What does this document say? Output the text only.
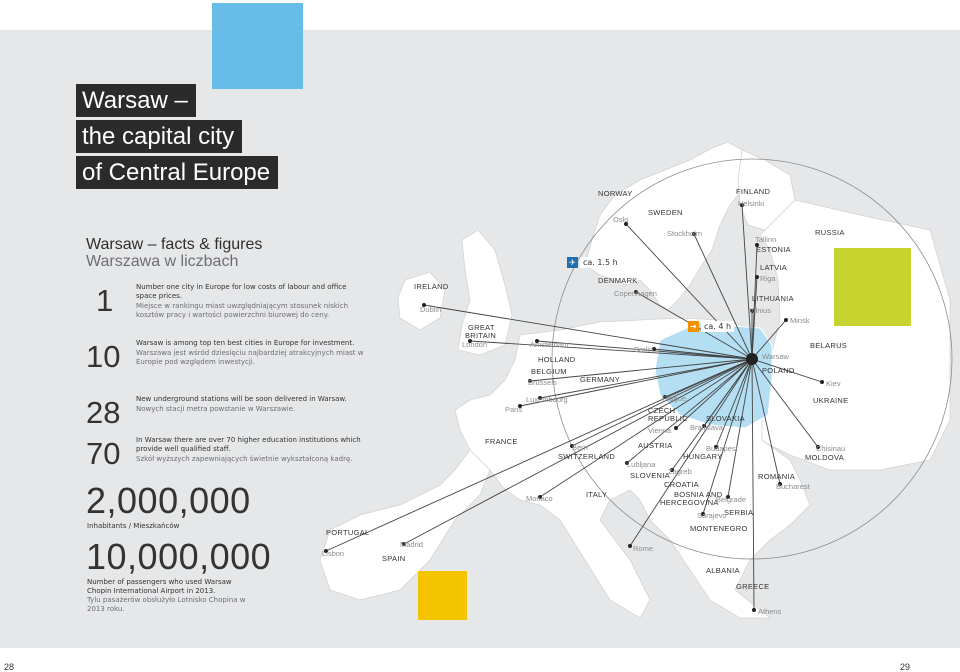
NORWAY
SWEDEN
FINLAND
ESTONIA
LATVIA
LITHUANIA
RUSSIA
BELARUS
UKRAINE
MOLDOVA
POLAND
DENMARK
IRELAND
GREAT
BRITAIN
HOLLAND
BELGIUM
GERMANY
FRANCE
CZECH
REPUBLIC SLOVAKIA
AUSTRIA
HUNGARY
SWITZERLAND
SLOVENIA
CROATIA
ROMANIA
BOSNIA AND
HERCEGOVINA
SERBIA
MONTENEGRO
ITALY
ALBANIA
GREECE
PORTUGAL
SPAIN
Oslo
Stockholm
Helsinki
Tallinn
Riga
Vilnius
Minsk
Kiev
Chisinau
Bucharest
Copenhagen
Dublin
London	Amsterdam
Brussels
Luxembourg
Paris
Berlin
Prague
Vienna	Bratislava
Budapest
Bern
Lubljana
Zagreb
Belgrade
Sarajevo
Monaco
Rome
Athens
Madrid
Lisbon
Warsaw
✈ ca. 1.5 h
➔ ca. 4 h
Warsaw –
the capital city
of Central Europe
Warsaw – facts & figures
Warszawa w liczbach
1	Number one city in Europe for low costs of labour and office space prices.
Miejsce w rankingu miast uwzględniającym stosunek niskich kosztów pracy i wartości powierzchni biurowej do ceny.
10	Warsaw is among top ten best cities in Europe for investment.
Warszawa jest wśród dziesięciu najbardziej atrakcyjnych miast w Europie pod względem inwestycji.
28	New underground stations will be soon delivered in Warsaw.
Nowych stacji metra powstanie w Warszawie.
70	In Warsaw there are over 70 higher education institutions which provide well qualified staff.
Szkół wyższych zapewniających świetnie wykształconą kadrę.
2,000,000
Inhabitants / Mieszkańców
10,000,000
Number of passengers who used Warsaw Chopin International Airport in 2013.
Tylu pasażerów obsłużyło Lotnisko Chopina w 2013 roku.
28	29
